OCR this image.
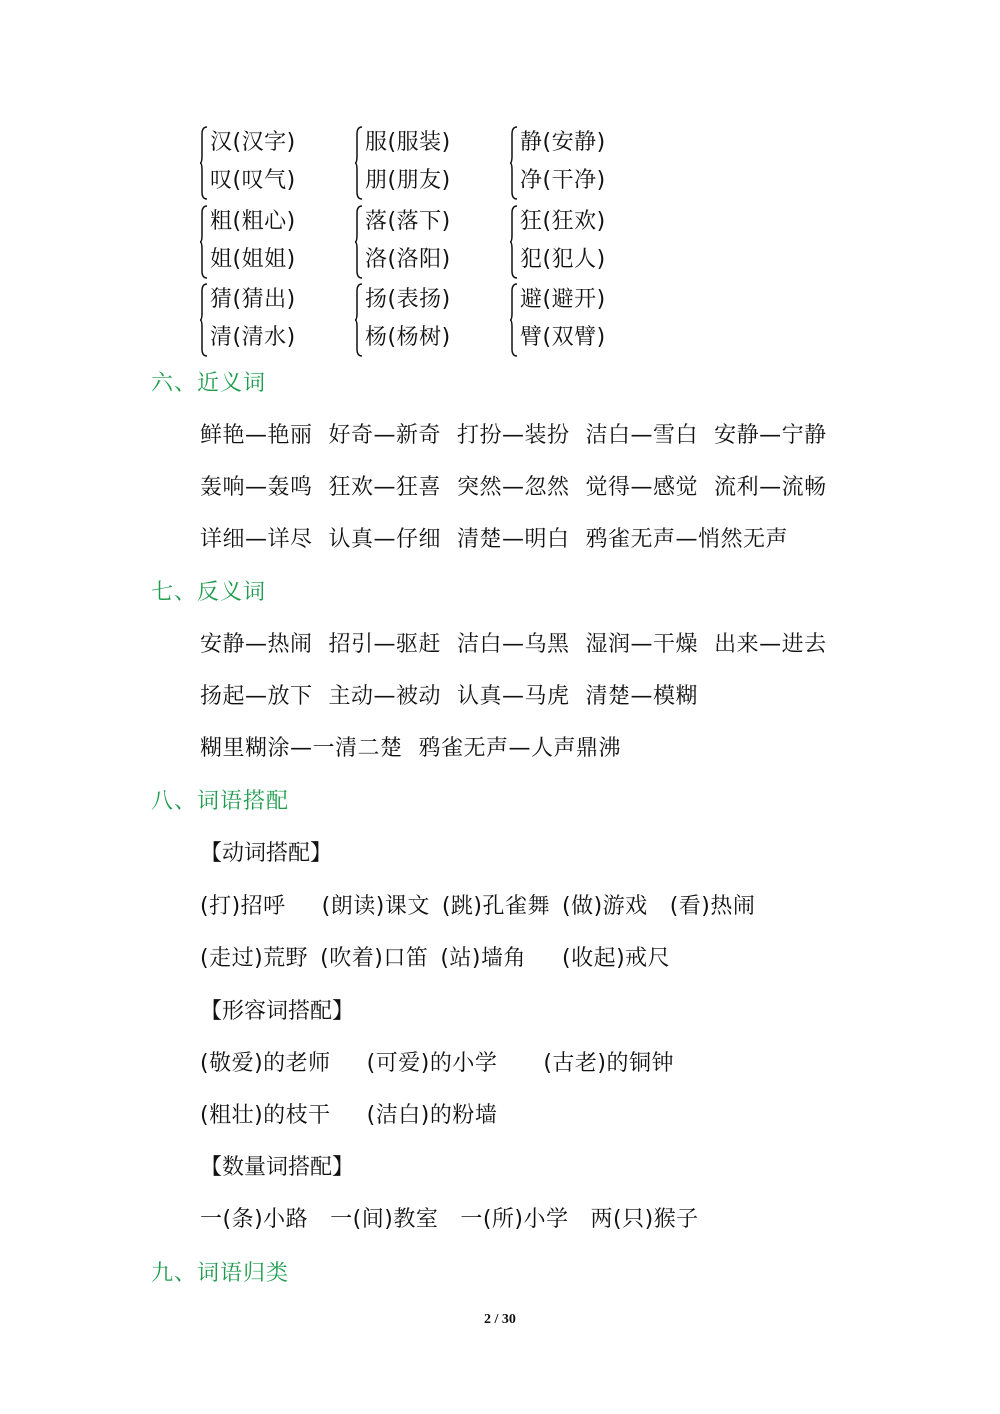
汉(汉字)
叹(叹气)
服(服装)
朋(朋友)
静(安静)
净(干净)
粗(粗心)
姐(姐姐)
落(落下)
洛(洛阳)
狂(狂欢)
犯(犯人)
猜(猜出)
清(清水)
扬(表扬)
杨(杨树)
避(避开)
臂(双臂)
六、近义词
鲜艳—艳丽 好奇—新奇 打扮—装扮 洁白—雪白 安静—宁静
轰响—轰鸣 狂欢—狂喜 突然—忽然 觉得—感觉 流利—流畅
详细—详尽 认真—仔细 清楚—明白 鸦雀无声—悄然无声
七、反义词
安静—热闹 招引—驱赶 洁白—乌黑 湿润—干燥 出来—进去
扬起—放下 主动—被动 认真—马虎 清楚—模糊
糊里糊涂—一清二楚 鸦雀无声—人声鼎沸
八、词语搭配
【动词搭配】
(打)招呼 (朗读)课文 (跳)孔雀舞 (做)游戏 (看)热闹
(走过)荒野 (吹着)口笛 (站)墙角 (收起)戒尺
【形容词搭配】
(敬爱)的老师 (可爱)的小学 (古老)的铜钟
(粗壮)的枝干 (洁白)的粉墙
【数量词搭配】
一(条)小路 一(间)教室 一(所)小学 两(只)猴子
九、词语归类
2 / 30
